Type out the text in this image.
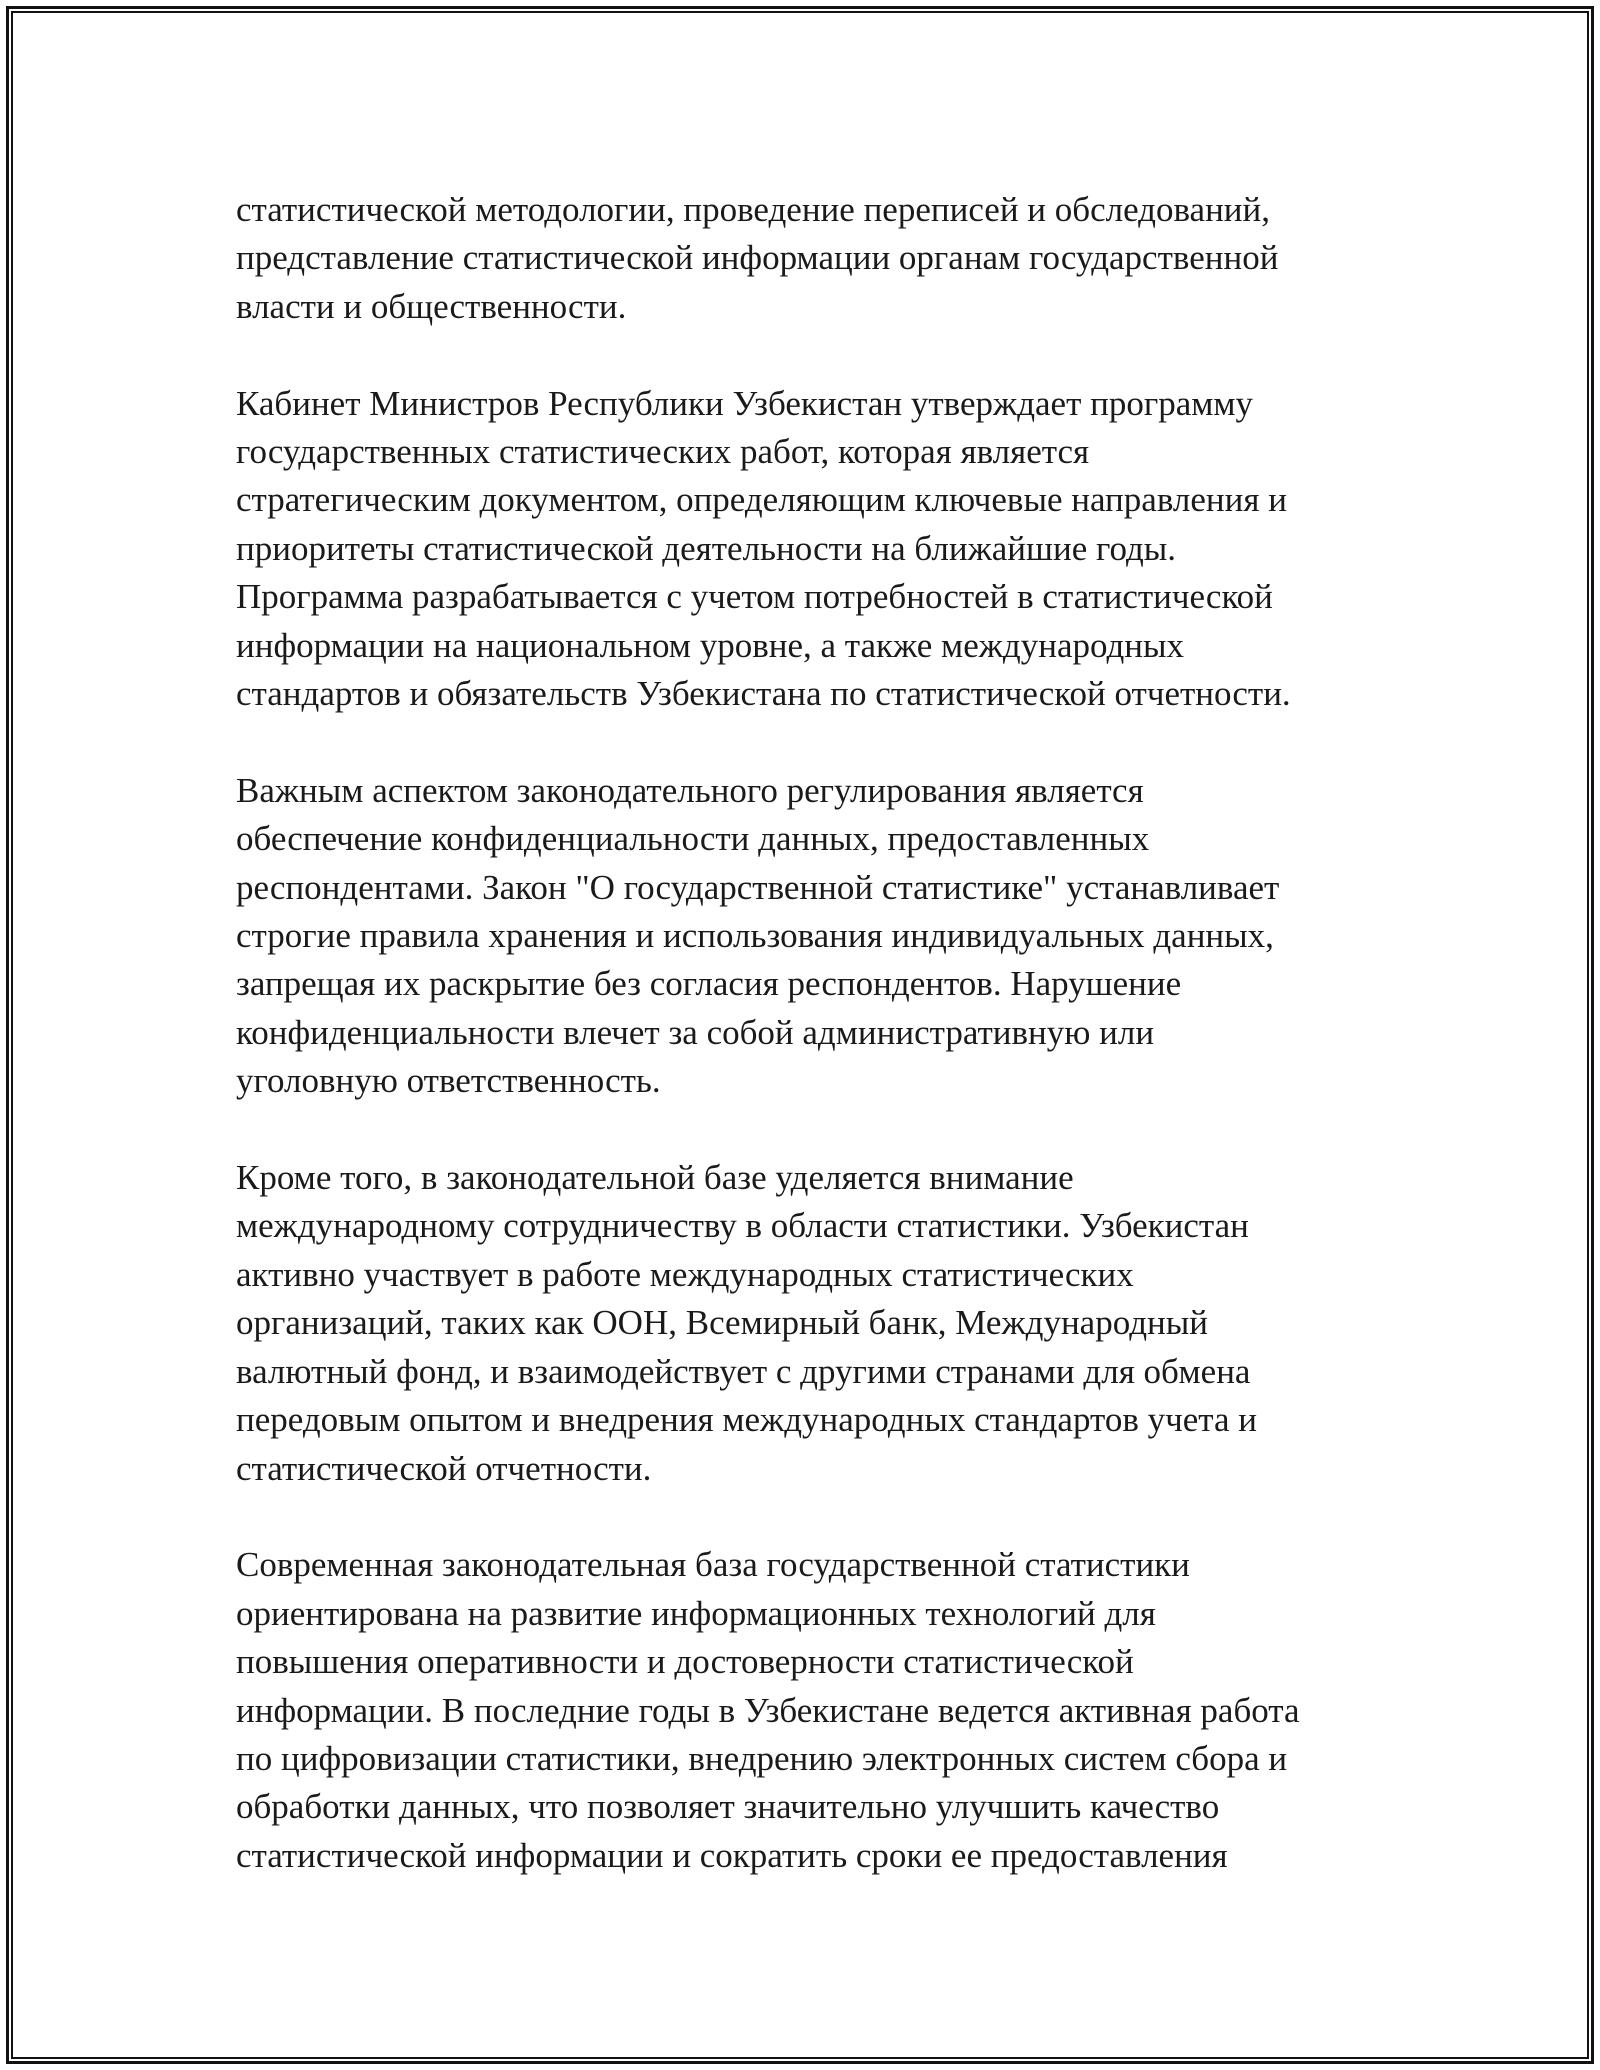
статистической методологии, проведение переписей и обследований,
представление статистической информации органам государственной
власти и общественности.

Кабинет Министров Республики Узбекистан утверждает программу
государственных статистических работ, которая является
стратегическим документом, определяющим ключевые направления и
приоритеты статистической деятельности на ближайшие годы.
Программа разрабатывается с учетом потребностей в статистической
информации на национальном уровне, а также международных
стандартов и обязательств Узбекистана по статистической отчетности.

Важным аспектом законодательного регулирования является
обеспечение конфиденциальности данных, предоставленных
респондентами. Закон "О государственной статистике" устанавливает
строгие правила хранения и использования индивидуальных данных,
запрещая их раскрытие без согласия респондентов. Нарушение
конфиденциальности влечет за собой административную или
уголовную ответственность.

Кроме того, в законодательной базе уделяется внимание
международному сотрудничеству в области статистики. Узбекистан
активно участвует в работе международных статистических
организаций, таких как ООН, Всемирный банк, Международный
валютный фонд, и взаимодействует с другими странами для обмена
передовым опытом и внедрения международных стандартов учета и
статистической отчетности.

Современная законодательная база государственной статистики
ориентирована на развитие информационных технологий для
повышения оперативности и достоверности статистической
информации. В последние годы в Узбекистане ведется активная работа
по цифровизации статистики, внедрению электронных систем сбора и
обработки данных, что позволяет значительно улучшить качество
статистической информации и сократить сроки ее предоставления
